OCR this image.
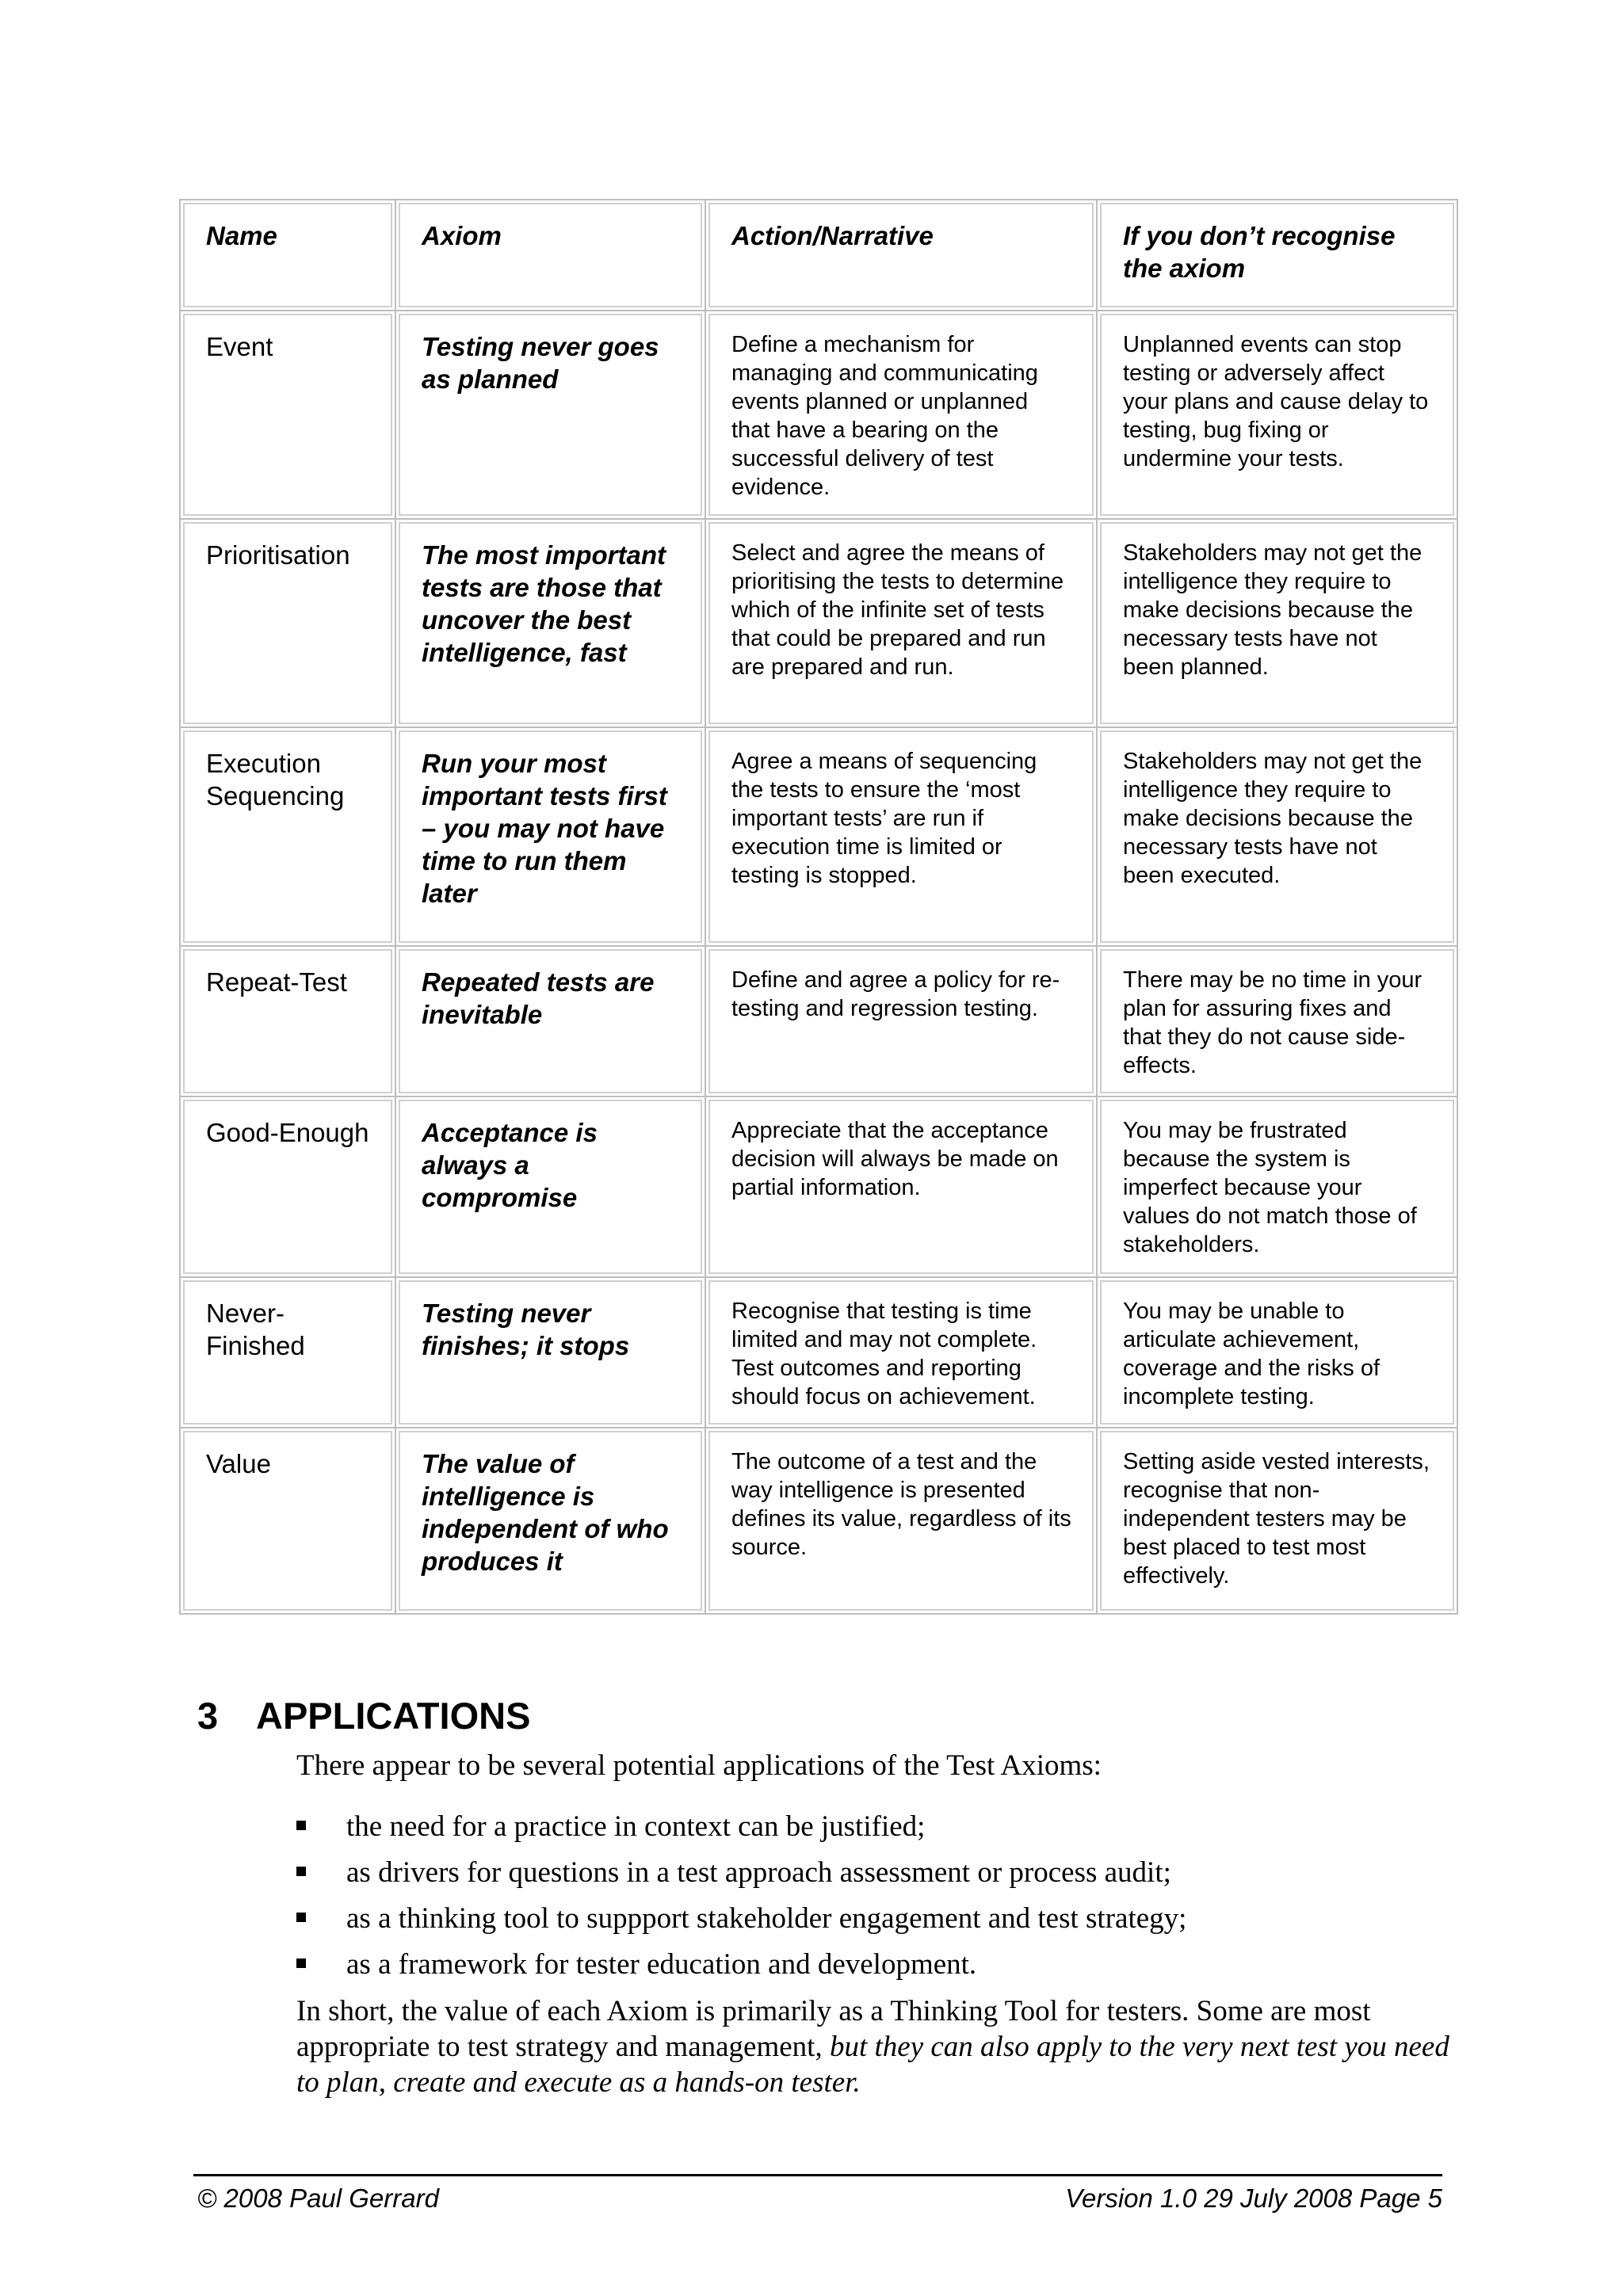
Name	Axiom	Action/Narrative	If you don’t recognise the axiom
Event	Testing never goes as planned	Define a mechanism for managing and communicating events planned or unplanned that have a bearing on the successful delivery of test evidence.	Unplanned events can stop testing or adversely affect your plans and cause delay to testing, bug fixing or undermine your tests.
Prioritisation	The most important tests are those that uncover the best intelligence, fast	Select and agree the means of prioritising the tests to determine which of the infinite set of tests that could be prepared and run are prepared and run.	Stakeholders may not get the intelligence they require to make decisions because the necessary tests have not been planned.
Execution Sequencing	Run your most important tests first – you may not have time to run them later	Agree a means of sequencing the tests to ensure the ‘most important tests’ are run if execution time is limited or testing is stopped.	Stakeholders may not get the intelligence they require to make decisions because the necessary tests have not been executed.
Repeat-Test	Repeated tests are inevitable	Define and agree a policy for re-testing and regression testing.	There may be no time in your plan for assuring fixes and that they do not cause side-effects.
Good-Enough	Acceptance is always a compromise	Appreciate that the acceptance decision will always be made on partial information.	You may be frustrated because the system is imperfect because your values do not match those of stakeholders.
Never-Finished	Testing never finishes; it stops	Recognise that testing is time limited and may not complete. Test outcomes and reporting should focus on achievement.	You may be unable to articulate achievement, coverage and the risks of incomplete testing.
Value	The value of intelligence is independent of who produces it	The outcome of a test and the way intelligence is presented defines its value, regardless of its source.	Setting aside vested interests, recognise that non-independent testers may be best placed to test most effectively.
3 APPLICATIONS

There appear to be several potential applications of the Test Axioms:

the need for a practice in context can be justified;
as drivers for questions in a test approach assessment or process audit;
as a thinking tool to suppport stakeholder engagement and test strategy;
as a framework for tester education and development.

In short, the value of each Axiom is primarily as a Thinking Tool for testers. Some are most appropriate to test strategy and management, but they can also apply to the very next test you need to plan, create and execute as a hands-on tester.

© 2008 Paul Gerrard	Version 1.0 29 July 2008 Page 5
